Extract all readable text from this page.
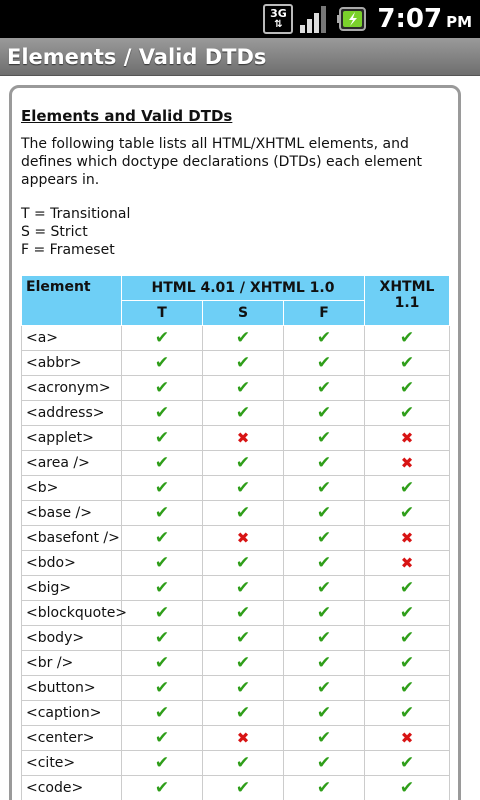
3G
⇅	7:07 PM
Elements / Valid DTDs

Elements and Valid DTDs

The following table lists all HTML/XHTML elements, and defines which doctype declarations (DTDs) each element appears in.

T = Transitional
S = Strict
F = Frameset
Element	HTML 4.01 / XHTML 1.0			XHTML 1.1
	T	S	F	
<a>	✔	✔	✔	✔
<abbr>	✔	✔	✔	✔
<acronym>	✔	✔	✔	✔
<address>	✔	✔	✔	✔
<applet>	✔	✖	✔	✖
<area />	✔	✔	✔	✖
<b>	✔	✔	✔	✔
<base />	✔	✔	✔	✔
<basefont />	✔	✖	✔	✖
<bdo>	✔	✔	✔	✖
<big>	✔	✔	✔	✔
<blockquote>	✔	✔	✔	✔
<body>	✔	✔	✔	✔
<br />	✔	✔	✔	✔
<button>	✔	✔	✔	✔
<caption>	✔	✔	✔	✔
<center>	✔	✖	✔	✖
<cite>	✔	✔	✔	✔
<code>	✔	✔	✔	✔
